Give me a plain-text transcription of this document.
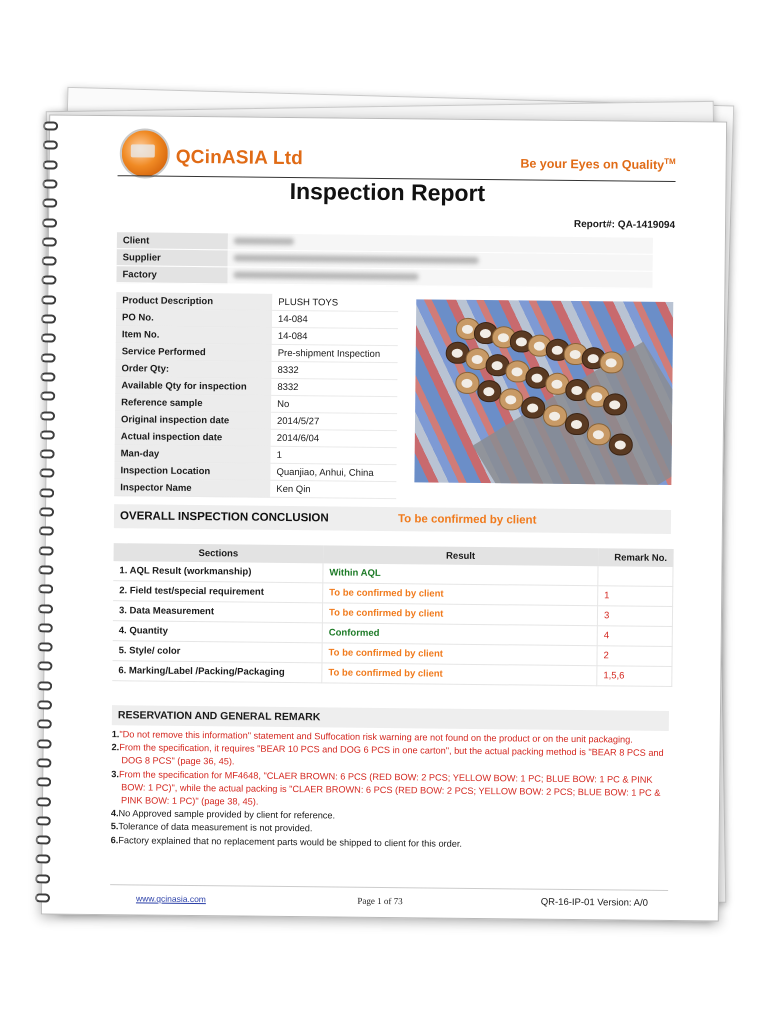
QCinASIA Ltd	Be your Eyes on Quality™
Inspection Report
Report#: QA-1419094
Client	
Supplier	
Factory	
Product Description	PLUSH TOYS
PO No.	14-084
Item No.	14-084
Service Performed	Pre-shipment Inspection
Order Qty:	8332
Available Qty for inspection	8332
Reference sample	No
Original inspection date	2014/5/27
Actual inspection date	2014/6/04
Man-day	1
Inspection Location	Quanjiao, Anhui, China
Inspector Name	Ken Qin
OVERALL INSPECTION CONCLUSION	To be confirmed by client
Sections	Result	Remark No.
1. AQL Result (workmanship)	Within AQL	
2. Field test/special requirement	To be confirmed by client	1
3. Data Measurement	To be confirmed by client	3
4. Quantity	Conformed	4
5. Style/ color	To be confirmed by client	2
6. Marking/Label /Packing/Packaging	To be confirmed by client	1,5,6
RESERVATION AND GENERAL REMARK

1."Do not remove this information" statement and Suffocation risk warning are not found on the product or on the unit packaging.

2.From the specification, it requires "BEAR 10 PCS and DOG 6 PCS in one carton", but the actual packing method is "BEAR 8 PCS and DOG 8 PCS" (page 36, 45).

3.From the specification for MF4648, "CLAER BROWN: 6 PCS (RED BOW: 2 PCS; YELLOW BOW: 1 PC; BLUE BOW: 1 PC & PINK BOW: 1 PC)", while the actual packing is "CLAER BROWN: 6 PCS (RED BOW: 2 PCS; YELLOW BOW: 2 PCS; BLUE BOW: 1 PC & PINK BOW: 1 PC)" (page 38, 45).

4.No Approved sample provided by client for reference.

5.Tolerance of data measurement is not provided.

6.Factory explained that no replacement parts would be shipped to client for this order.

www.qcinasia.com	Page 1 of 73	QR-16-IP-01 Version: A/0
